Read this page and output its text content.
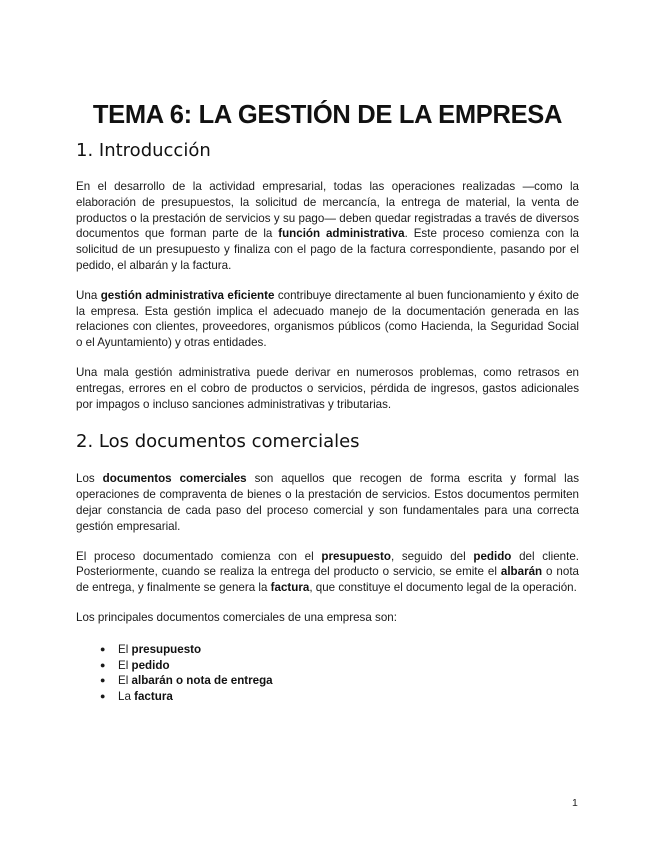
TEMA 6: LA GESTIÓN DE LA EMPRESA
1. Introducción

En el desarrollo de la actividad empresarial, todas las operaciones realizadas —como la elaboración de presupuestos, la solicitud de mercancía, la entrega de material, la venta de productos o la prestación de servicios y su pago— deben quedar registradas a través de diversos documentos que forman parte de la función administrativa. Este proceso comienza con la solicitud de un presupuesto y finaliza con el pago de la factura correspondiente, pasando por el pedido, el albarán y la factura.

Una gestión administrativa eficiente contribuye directamente al buen funcionamiento y éxito de la empresa. Esta gestión implica el adecuado manejo de la documentación generada en las relaciones con clientes, proveedores, organismos públicos (como Hacienda, la Seguridad Social o el Ayuntamiento) y otras entidades.

Una mala gestión administrativa puede derivar en numerosos problemas, como retrasos en entregas, errores en el cobro de productos o servicios, pérdida de ingresos, gastos adicionales por impagos o incluso sanciones administrativas y tributarias.

2. Los documentos comerciales

Los documentos comerciales son aquellos que recogen de forma escrita y formal las operaciones de compraventa de bienes o la prestación de servicios. Estos documentos permiten dejar constancia de cada paso del proceso comercial y son fundamentales para una correcta gestión empresarial.

El proceso documentado comienza con el presupuesto, seguido del pedido del cliente. Posteriormente, cuando se realiza la entrega del producto o servicio, se emite el albarán o nota de entrega, y finalmente se genera la factura, que constituye el documento legal de la operación.

Los principales documentos comerciales de una empresa son:

● El presupuesto
● El pedido
● El albarán o nota de entrega
● La factura
1
